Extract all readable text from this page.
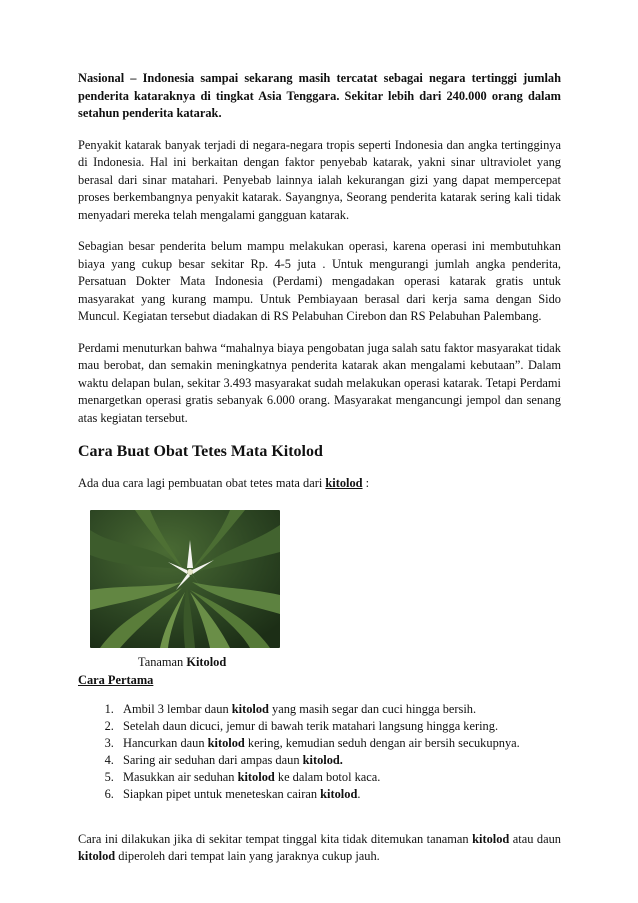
Nasional – Indonesia sampai sekarang masih tercatat sebagai negara tertinggi jumlah penderita kataraknya di tingkat Asia Tenggara. Sekitar lebih dari 240.000 orang dalam setahun penderita katarak.

Penyakit katarak banyak terjadi di negara-negara tropis seperti Indonesia dan angka tertingginya di Indonesia. Hal ini berkaitan dengan faktor penyebab katarak, yakni sinar ultraviolet yang berasal dari sinar matahari. Penyebab lainnya ialah kekurangan gizi yang dapat mempercepat proses berkembangnya penyakit katarak. Sayangnya, Seorang penderita katarak sering kali tidak menyadari mereka telah mengalami gangguan katarak.

Sebagian besar penderita belum mampu melakukan operasi, karena operasi ini membutuhkan biaya yang cukup besar sekitar Rp. 4-5 juta . Untuk mengurangi jumlah angka penderita, Persatuan Dokter Mata Indonesia (Perdami) mengadakan operasi katarak gratis untuk masyarakat yang kurang mampu. Untuk Pembiayaan berasal dari kerja sama dengan Sido Muncul. Kegiatan tersebut diadakan di RS Pelabuhan Cirebon dan RS Pelabuhan Palembang.

Perdami menuturkan bahwa “mahalnya biaya pengobatan juga salah satu faktor masyarakat tidak mau berobat, dan semakin meningkatnya penderita katarak akan mengalami kebutaan”. Dalam waktu delapan bulan, sekitar 3.493 masyarakat sudah melakukan operasi katarak. Tetapi Perdami menargetkan operasi gratis sebanyak 6.000 orang. Masyarakat mengancungi jempol dan senang atas kegiatan tersebut.

Cara Buat Obat Tetes Mata Kitolod

Ada dua cara lagi pembuatan obat tetes mata dari kitolod :

Tanaman Kitolod

Cara Pertama

1. Ambil 3 lembar daun kitolod yang masih segar dan cuci hingga bersih.
2. Setelah daun dicuci, jemur di bawah terik matahari langsung hingga kering.
3. Hancurkan daun kitolod kering, kemudian seduh dengan air bersih secukupnya.
4. Saring air seduhan dari ampas daun kitolod.
5. Masukkan air seduhan kitolod ke dalam botol kaca.
6. Siapkan pipet untuk meneteskan cairan kitolod.

Cara ini dilakukan jika di sekitar tempat tinggal kita tidak ditemukan tanaman kitolod atau daun kitolod diperoleh dari tempat lain yang jaraknya cukup jauh.
